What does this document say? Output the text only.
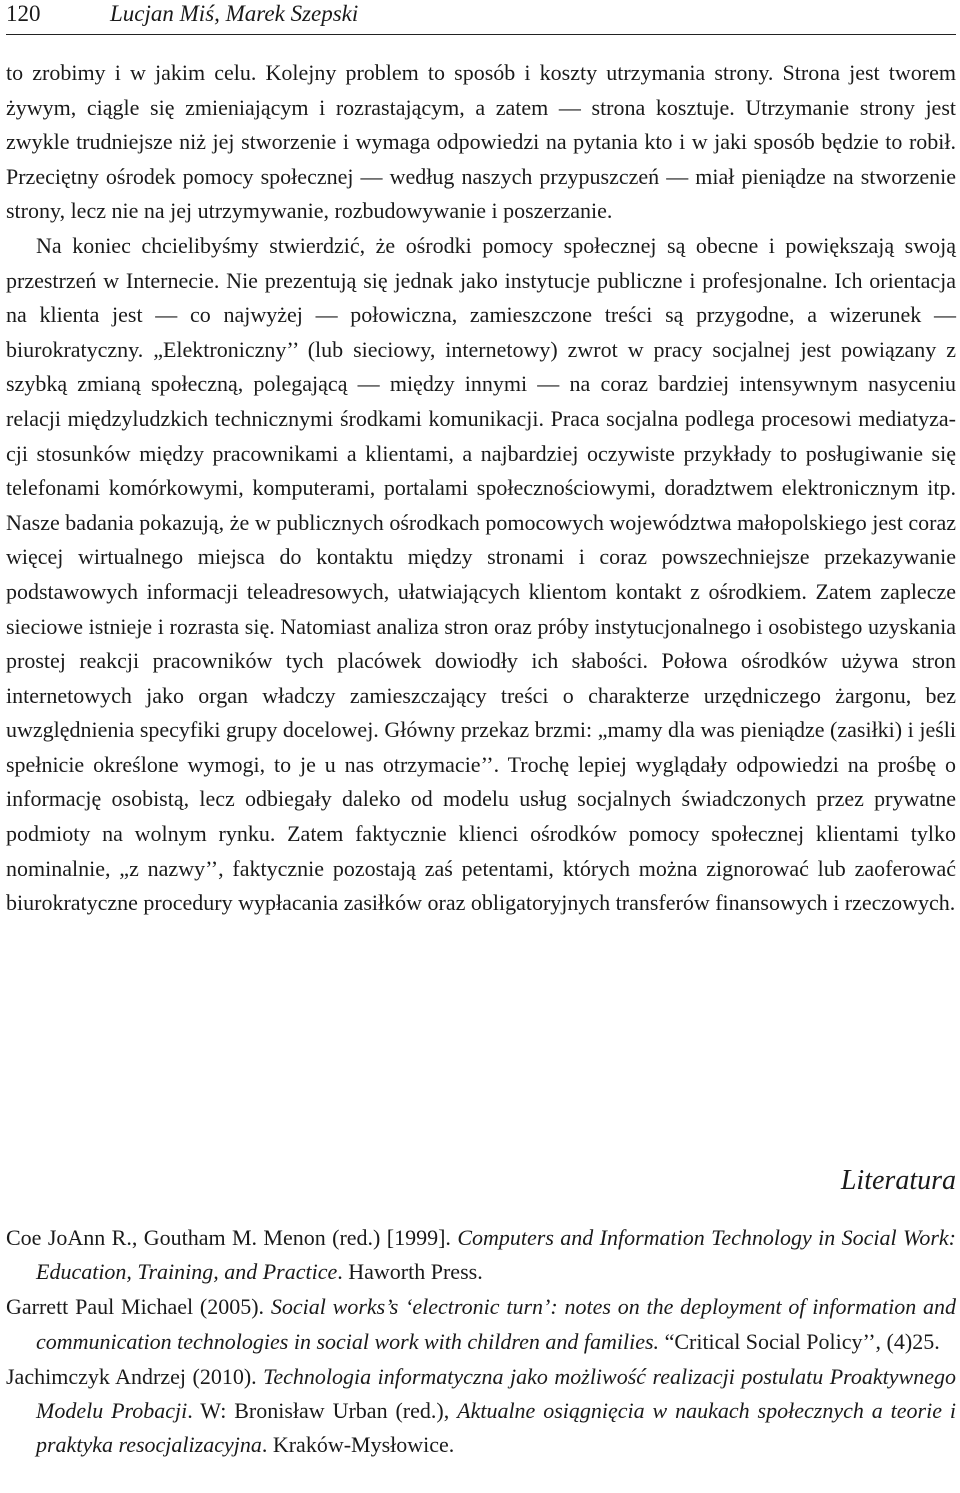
120	Lucjan Miś, Marek Szepski

to zrobimy i w jakim celu. Kolejny problem to sposób i koszty utrzymania strony. Strona jest tworem żywym, ciągle się zmieniającym i rozrastającym, a zatem — strona kosztuje. Utrzymanie strony jest zwykle trudniejsze niż jej stworzenie i wymaga odpowiedzi na pytania kto i w jaki sposób będzie to robił. Przeciętny ośrodek pomocy społecznej — według naszych przypuszczeń — miał pieniądze na stworzenie strony, lecz nie na jej utrzymywanie, rozbudowywanie i poszerzanie.

Na koniec chcielibyśmy stwierdzić, że ośrodki pomocy społecznej są obecne i powiększają swoją przestrzeń w Internecie. Nie prezentują się jednak jako instytucje publiczne i profesjonalne. Ich orientacja na klienta jest — co najwyżej — połowiczna, zamieszczone treści są przygodne, a wizerunek — biurokratyczny. „Elektroniczny’’ (lub sieciowy, internetowy) zwrot w pracy socjalnej jest powiązany z szybką zmianą społeczną, polegającą — między innymi — na coraz bardziej intensywnym nasyceniu relacji międzyludzkich technicznymi środkami komunikacji. Praca socjalna podlega procesowi mediatyzacji stosunków między pracownikami a klientami, a najbardziej oczywiste przykłady to posługiwanie się telefonami komórkowymi, komputerami, portalami społecznościowymi, doradztwem elektronicznym itp. Nasze badania pokazują, że w publicznych ośrodkach pomocowych województwa małopolskiego jest coraz więcej wirtualnego miejsca do kontaktu między stronami i coraz powszechniejsze przekazywanie podstawowych informacji teleadresowych, ułatwiających klientom kontakt z ośrodkiem. Zatem zaplecze sieciowe istnieje i rozrasta się. Natomiast analiza stron oraz próby instytucjonalnego i osobistego uzyskania prostej reakcji pracowników tych placówek dowiodły ich słabości. Połowa ośrodków używa stron internetowych jako organ władczy zamieszczający treści o charakterze urzędniczego żargonu, bez uwzględnienia specyfiki grupy docelowej. Główny przekaz brzmi: „mamy dla was pieniądze (zasiłki) i jeśli spełnicie określone wymogi, to je u nas otrzymacie’’. Trochę lepiej wyglądały odpowiedzi na prośbę o informację osobistą, lecz odbiegały daleko od modelu usług socjalnych świadczonych przez prywatne podmioty na wolnym rynku. Zatem faktycznie klienci ośrodków pomocy społecznej klientami tylko nominalnie, „z nazwy’’, faktycznie pozostają zaś petentami, których można zignorować lub zaoferować biurokratyczne procedury wypłacania zasiłków oraz obligatoryjnych transferów finansowych i rzeczowych.

Literatura

Coe JoAnn R., Goutham M. Menon (red.) [1999]. Computers and Information Technology in Social Work: Education, Training, and Practice. Haworth Press.

Garrett Paul Michael (2005). Social works’s ‘electronic turn’: notes on the deployment of information and communication technologies in social work with children and families. “Critical Social Policy’’, (4)25.

Jachimczyk Andrzej (2010). Technologia informatyczna jako możliwość realizacji postulatu Proaktywnego Modelu Probacji. W: Bronisław Urban (red.), Aktualne osiągnięcia w naukach społecznych a teorie i praktyka resocjalizacyjna. Kraków-Mysłowice.
